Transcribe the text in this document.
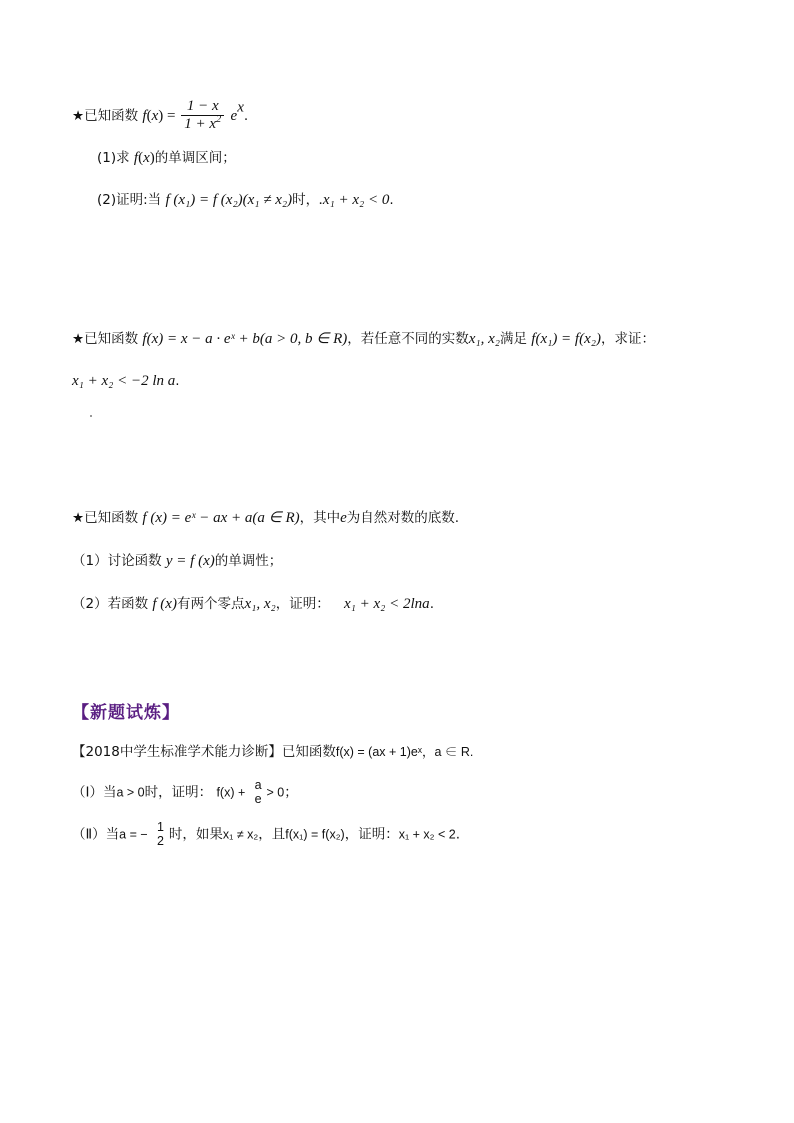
★已知函数 $f(x) = \frac{1 - x}{1 + x^2} e^x$.
(1)求 f(x)的单调区间；
(2)证明:当 f (x₁) = f (x₂)(x₁ ≠ x₂)时，.x₁ + x₂ < 0.
★已知函数 f(x) = x − a · eˣ + b(a > 0, b ∈ R)，若任意不同的实数x₁, x₂满足 f(x₁) = f(x₂)，求证：
x₁ + x₂ < −2 ln a.
★已知函数 f (x) = eˣ − ax + a(a ∈ R)，其中e为自然对数的底数.
（1）讨论函数 y = f (x)的单调性；
（2）若函数 f (x)有两个零点x₁, x₂，证明： x₁ + x₂ < 2lna.
【新题试炼】
【2018中学生标准学术能力诊断】已知函数f(x) = (ax + 1)eˣ，a ∈ R.
（Ⅰ）当a > 0时，证明： f(x) +
a
e > 0；
（Ⅱ）当a = −
1
2 时，如果x₁ ≠ x₂，且f(x₁) = f(x₂)，证明：x₁ + x₂ < 2.
